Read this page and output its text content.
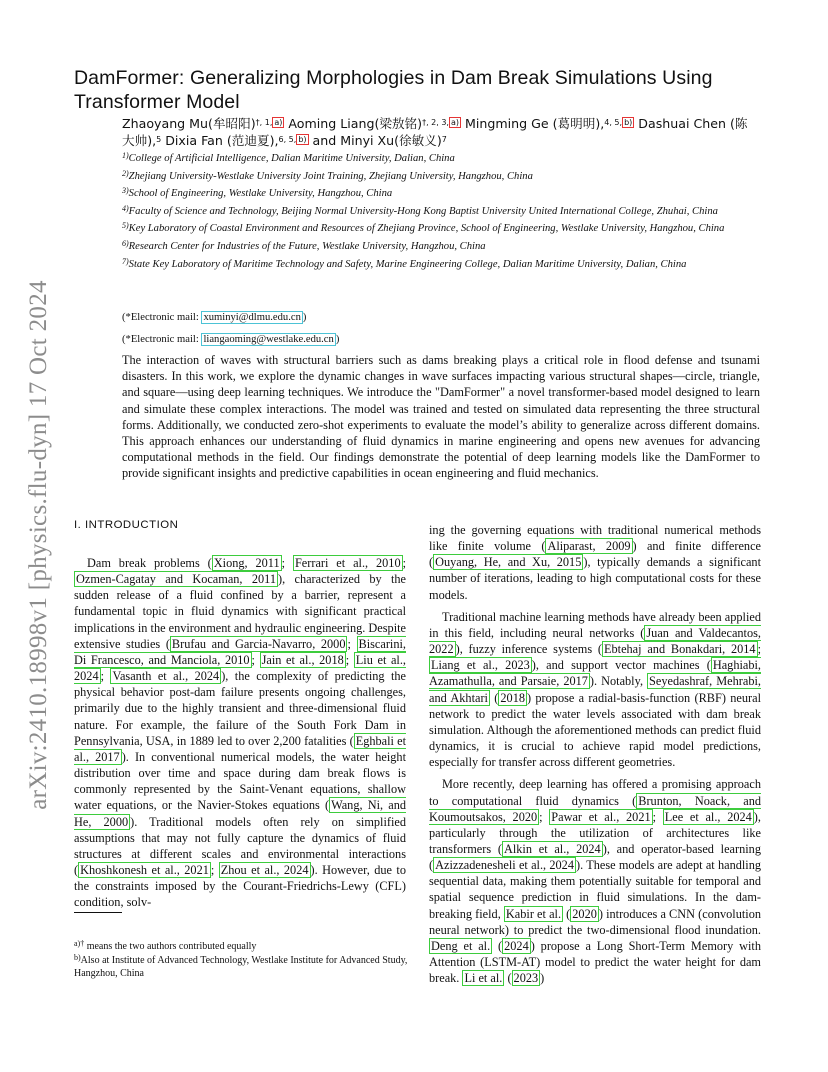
arXiv:2410.18998v1 [physics.flu-dyn] 17 Oct 2024
DamFormer: Generalizing Morphologies in Dam Break Simulations Using Transformer Model
Zhaoyang Mu(牟昭阳)$^{\dagger, 1,}$ $^{a)}$ Aoming Liang(梁敖铭)$^{\dagger, 2, 3,}$ $^{a)}$ Mingming Ge (葛明明),$^{4, 5,}$ $^{b)}$ Dashuai Chen (陈大帅),$^5$ Dixia Fan (范迪夏),$^{6, 5,}$ $^{b)}$ and Minyi Xu(徐敏义)$^7$
$^{1)}$College of Artificial Intelligence, Dalian Maritime University, Dalian, China
$^{2)}$Zhejiang University-Westlake University Joint Training, Zhejiang University, Hangzhou, China
$^{3)}$School of Engineering, Westlake University, Hangzhou, China
$^{4)}$Faculty of Science and Technology, Beijing Normal University-Hong Kong Baptist University United International College, Zhuhai, China
$^{5)}$Key Laboratory of Coastal Environment and Resources of Zhejiang Province, School of Engineering, Westlake University, Hangzhou, China
$^{6)}$Research Center for Industries of the Future, Westlake University, Hangzhou, China
$^{7)}$State Key Laboratory of Maritime Technology and Safety, Marine Engineering College, Dalian Maritime University, Dalian, China
(*Electronic mail: xuminyi@dlmu.edu.cn )
(*Electronic mail: liangaoming@westlake.edu.cn )

The interaction of waves with structural barriers such as dams breaking plays a critical role in flood defense and tsunami disasters. In this work, we explore the dynamic changes in wave surfaces impacting various structural shapes—circle, triangle, and square—using deep learning techniques. We introduce the "DamFormer" a novel transformer-based model designed to learn and simulate these complex interactions. The model was trained and tested on simulated data representing the three structural forms. Additionally, we conducted zero-shot experiments to evaluate the model’s ability to generalize across different domains. This approach enhances our understanding of fluid dynamics in marine engineering and opens new avenues for advancing computational methods in the field. Our findings demonstrate the potential of deep learning models like the DamFormer to provide significant insights and predictive capabilities in ocean engineering and fluid mechanics.

I. INTRODUCTION

Dam break problems ( Xiong, 2011 ; Ferrari et al., 2010 ; Ozmen-Cagatay and Kocaman, 2011 ), characterized by the sudden release of a fluid confined by a barrier, represent a fundamental topic in fluid dynamics with significant practical implications in the environment and hydraulic engineering. Despite extensive studies ( Brufau and Garcia-Navarro, 2000 ; Biscarini, Di Francesco, and Manciola, 2010 ; Jain et al., 2018 ; Liu et al., 2024 ; Vasanth et al., 2024 ), the complexity of predicting the physical behavior post-dam failure presents ongoing challenges, primarily due to the highly transient and three-dimensional fluid nature. For example, the failure of the South Fork Dam in Pennsylvania, USA, in 1889 led to over 2,200 fatalities ( Eghbali et al., 2017 ). In conventional numerical models, the water height distribution over time and space during dam break flows is commonly represented by the Saint-Venant equations, shallow water equations, or the Navier-Stokes equations ( Wang, Ni, and He, 2000 ). Traditional models often rely on simplified assumptions that may not fully capture the dynamics of fluid structures at different scales and environmental interactions ( Khoshkonesh et al., 2021 ; Zhou et al., 2024 ). However, due to the constraints imposed by the Courant-Friedrichs-Lewy (CFL) condition, solv-

ing the governing equations with traditional numerical methods like finite volume ( Aliparast, 2009 ) and finite difference ( Ouyang, He, and Xu, 2015 ), typically demands a significant number of iterations, leading to high computational costs for these models.

Traditional machine learning methods have already been applied in this field, including neural networks ( Juan and Valdecantos, 2022 ), fuzzy inference systems ( Ebtehaj and Bonakdari, 2014 ; Liang et al., 2023 ), and support vector machines ( Haghiabi, Azamathulla, and Parsaie, 2017 ). Notably, Seyedashraf, Mehrabi, and Akhtari ( 2018 ) propose a radial-basis-function (RBF) neural network to predict the water levels associated with dam break simulation. Although the aforementioned methods can predict fluid dynamics, it is crucial to achieve rapid model predictions, especially for transfer across different geometries.

More recently, deep learning has offered a promising approach to computational fluid dynamics ( Brunton, Noack, and Koumoutsakos, 2020 ; Pawar et al., 2021 ; Lee et al., 2024 ), particularly through the utilization of architectures like transformers ( Alkin et al., 2024 ), and operator-based learning ( Azizzadenesheli et al., 2024 ). These models are adept at handling sequential data, making them potentially suitable for temporal and spatial sequence prediction in fluid simulations. In the dam-breaking field, Kabir et al. ( 2020 ) introduces a CNN (convolution neural network) to predict the two-dimensional flood inundation. Deng et al. ( 2024 ) propose a Long Short-Term Memory with Attention (LSTM-AT) model to predict the water height for dam break. Li et al. ( 2023 )

$^{a)\dagger}$ means the two authors contributed equally
$^{b)}$Also at Institute of Advanced Technology, Westlake Institute for Advanced Study, Hangzhou, China
